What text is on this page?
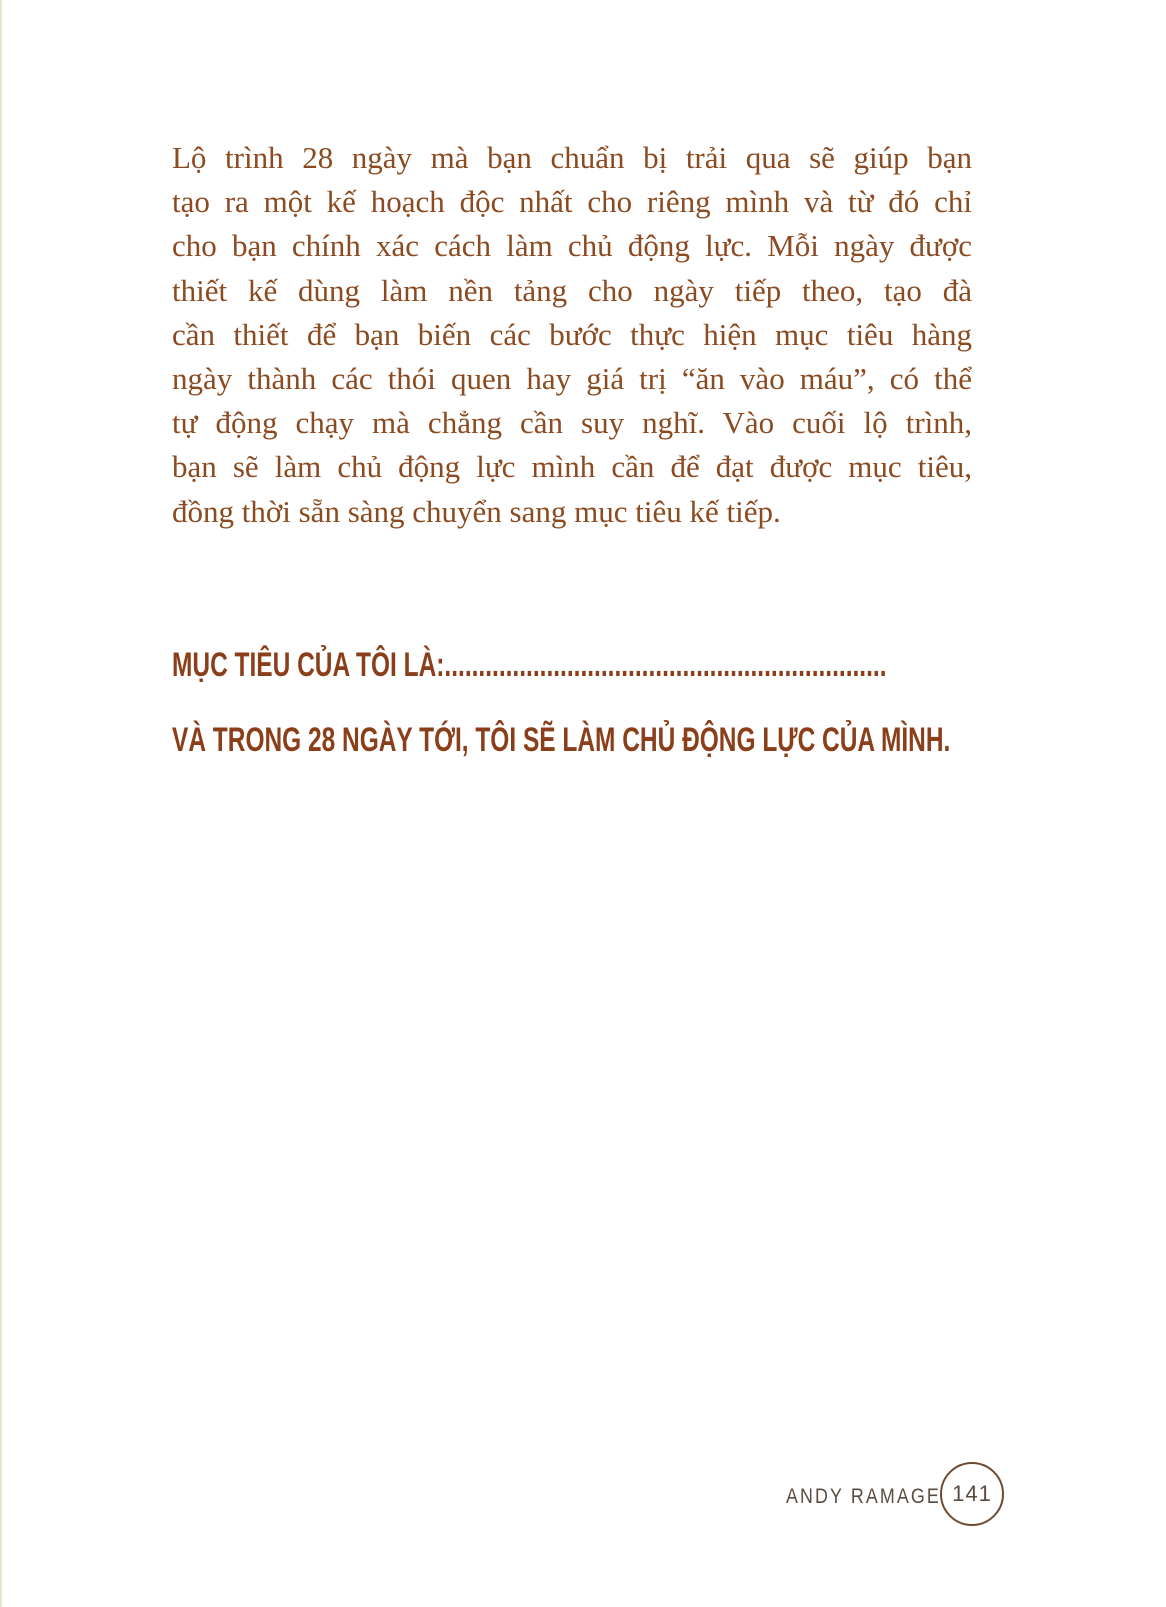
Lộ trình 28 ngày mà bạn chuẩn bị trải qua sẽ giúp bạn
tạo ra một kế hoạch độc nhất cho riêng mình và từ đó chỉ
cho bạn chính xác cách làm chủ động lực. Mỗi ngày được
thiết kế dùng làm nền tảng cho ngày tiếp theo, tạo đà
cần thiết để bạn biến các bước thực hiện mục tiêu hàng
ngày thành các thói quen hay giá trị “ăn vào máu”, có thể
tự động chạy mà chẳng cần suy nghĩ. Vào cuối lộ trình,
bạn sẽ làm chủ động lực mình cần để đạt được mục tiêu,
đồng thời sẵn sàng chuyển sang mục tiêu kế tiếp.
MỤC TIÊU CỦA TÔI LÀ:.................................................................
VÀ TRONG 28 NGÀY TỚI, TÔI SẼ LÀM CHỦ ĐỘNG LỰC CỦA MÌNH.
ANDY RAMAGE 141
